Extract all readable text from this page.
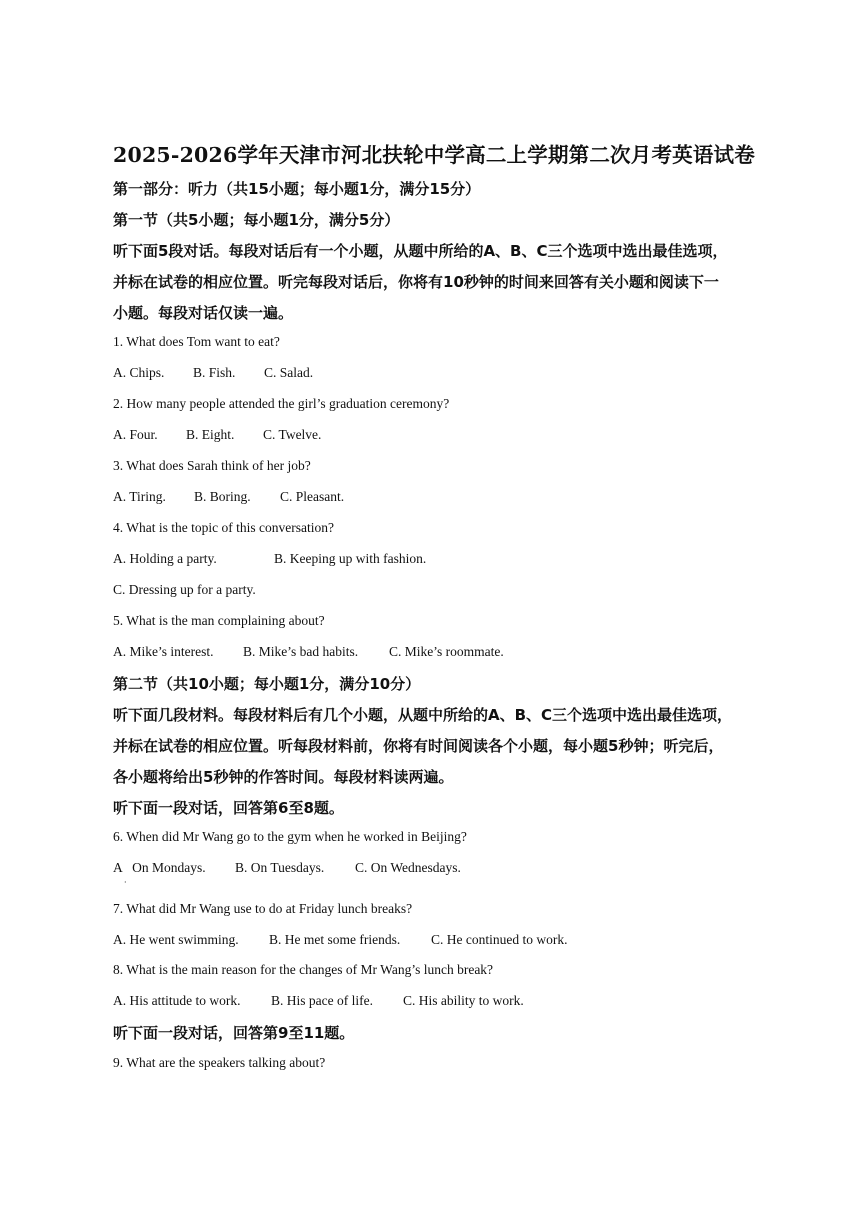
2025-2026学年天津市河北扶轮中学高二上学期第二次月考英语试卷
第一部分：听力（共15小题；每小题1分，满分15分）
第一节（共5小题；每小题1分，满分5分）
听下面5段对话。每段对话后有一个小题，从题中所给的A、B、C三个选项中选出最佳选项，
并标在试卷的相应位置。听完每段对话后，你将有10秒钟的时间来回答有关小题和阅读下一
小题。每段对话仅读一遍。
1. What does Tom want to eat?
A. Chips. B. Fish. C. Salad.
2. How many people attended the girl’s graduation ceremony?
A. Four. B. Eight. C. Twelve.
3. What does Sarah think of her job?
A. Tiring. B. Boring. C. Pleasant.
4. What is the topic of this conversation?
A. Holding a party.	B. Keeping up with fashion.
C. Dressing up for a party.
5. What is the man complaining about?
A. Mike’s interest. B. Mike’s bad habits. C. Mike’s roommate.
第二节（共10小题；每小题1分，满分10分）
听下面几段材料。每段材料后有几个小题，从题中所给的A、B、C三个选项中选出最佳选项，
并标在试卷的相应位置。听每段材料前，你将有时间阅读各个小题，每小题5秒钟；听完后，
各小题将给出5秒钟的作答时间。每段材料读两遍。
听下面一段对话，回答第6至8题。
6. When did Mr Wang go to the gym when he worked in Beijing?
A   On Mondays. B. On Tuesdays. C. On Wednesdays.
·
7. What did Mr Wang use to do at Friday lunch breaks?
A. He went swimming. B. He met some friends. C. He continued to work.
8. What is the main reason for the changes of Mr Wang’s lunch break?
A. His attitude to work. B. His pace of life. C. His ability to work.
听下面一段对话，回答第9至11题。
9. What are the speakers talking about?
